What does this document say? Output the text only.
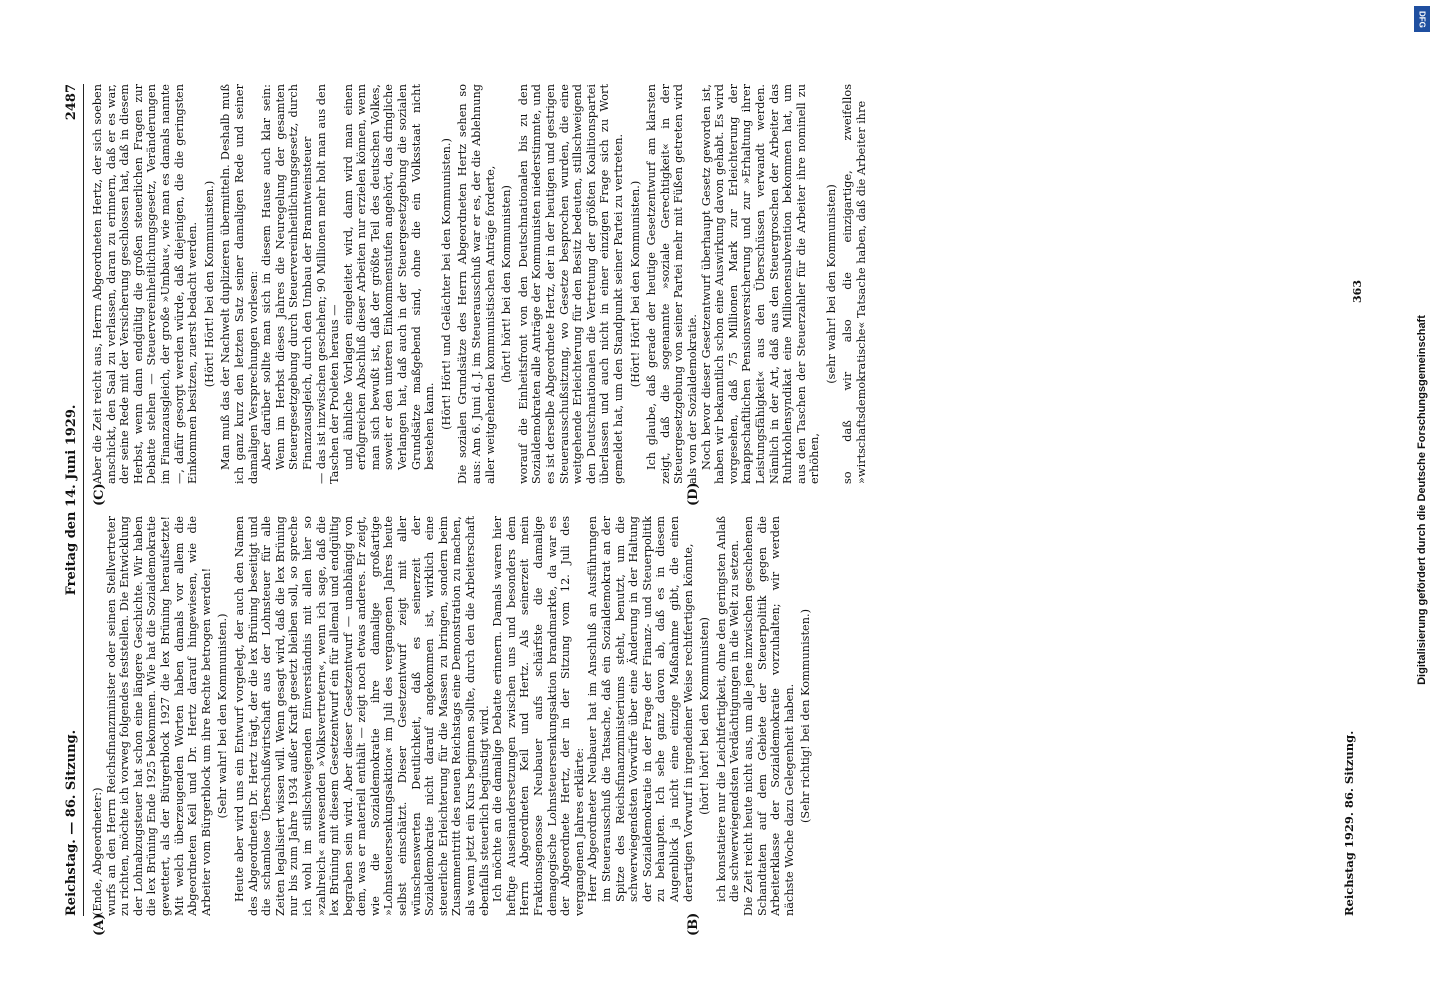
Reichstag. — 86. Sitzung.
Freitag den 14. Juni 1929.
2487
(A)	(B)
(C)	(D)

(Ende, Abgeordneter:) wurfs an den Herrn Reichsfinanzminister oder seinen Stellvertreter zu richten, möchte ich vorweg folgendes feststellen. Die Entwicklung der Lohnabzugsteuer hat schon eine längere Geschichte. Wir haben die lex Brüning Ende 1925 bekommen. Wie hat die Sozialdemokratie gewettert, als der Bürgerblock 1927 die lex Brüning heraufsetzte! Mit welch überzeugenden Worten haben damals vor allem die Abgeordneten Keil und Dr. Hertz darauf hingewiesen, wie die Arbeiter vom Bürgerblock um ihre Rechte betrogen werden! (Sehr wahr! bei den Kommunisten.) Heute aber wird uns ein Entwurf vorgelegt, der auch den Namen des Abgeordneten Dr. Hertz trägt, der die lex Brüning beseitigt und die schamlose Überschußwirtschaft aus der Lohnsteuer für alle Zeiten legalisiert wissen will. Wenn gesagt wird, daß die lex Brüning nur bis zum Jahre 1934 außer Kraft gesetzt bleiben soll, so spreche ich wohl im stillschweigenden Einverständnis mit allen hier so »zahlreich« anwesenden »Volksvertretern«, wenn ich sage, daß die lex Brüning mit diesem Gesetzentwurf ein für allemal und endgültig begraben sein wird. Aber dieser Gesetzentwurf — unabhängig von dem, was er materiell enthält — zeigt noch etwas anderes. Er zeigt, wie die Sozialdemokratie ihre damalige großartige »Lohnsteuersenkungsaktion« im Juli des vergangenen Jahres heute selbst einschätzt. Dieser Gesetzentwurf zeigt mit aller wünschenswerten Deutlichkeit, daß es seinerzeit der Sozialdemokratie nicht darauf angekommen ist, wirklich eine steuerliche Erleichterung für die Massen zu bringen, sondern beim Zusammentritt des neuen Reichstags eine Demonstration zu machen, als wenn jetzt ein Kurs beginnen sollte, durch den die Arbeiterschaft ebenfalls steuerlich begünstigt wird. Ich möchte an die damalige Debatte erinnern. Damals waren hier heftige Auseinandersetzungen zwischen uns und besonders dem Herrn Abgeordneten Keil und Hertz. Als seinerzeit mein Fraktionsgenosse Neubauer aufs schärfste die damalige demagogische Lohnsteuersenkungsaktion brandmarkte, da war es der Abgeordnete Hertz, der in der Sitzung vom 12. Juli des vergangenen Jahres erklärte: Herr Abgeordneter Neubauer hat im Anschluß an Ausführungen im Steuerausschuß die Tatsache, daß ein Sozialdemokrat an der Spitze des Reichsfinanzministeriums steht, benutzt, um die schwerwiegendsten Vorwürfe über eine Änderung in der Haltung der Sozialdemokratie in der Frage der Finanz- und Steuerpolitik zu behaupten. Ich sehe ganz davon ab, daß es in diesem Augenblick ja nicht eine einzige Maßnahme gibt, die einen derartigen Vorwurf in irgendeiner Weise rechtfertigen könnte, (hört! hört! bei den Kommunisten) ich konstatiere nur die Leichtfertigkeit, ohne den geringsten Anlaß die schwerwiegendsten Verdächtigungen in die Welt zu setzen. Die Zeit reicht heute nicht aus, um alle jene inzwischen geschehenen Schandtaten auf dem Gebiete der Steuerpolitik gegen die Arbeiterklasse der Sozialdemokratie vorzuhalten; wir werden nächste Woche dazu Gelegenheit haben. (Sehr richtig! bei den Kommunisten.)

Aber die Zeit reicht aus, Herrn Abgeordneten Hertz, der sich soeben anschickt, den Saal zu verlassen, daran zu erinnern, daß er es war, der seine Rede mit der Versicherung geschlossen hat, daß in diesem Herbst, wenn dann endgültig die großen steuerlichen Fragen zur Debatte stehen — Steuervereinheitlichungsgesetz, Veränderungen im Finanzausgleich, der große »Umbau«, wie man es damals nannte —, dafür gesorgt werden würde, daß diejenigen, die die geringsten Einkommen besitzen, zuerst bedacht werden. (Hört! Hört! bei den Kommunisten.) Man muß das der Nachwelt duplizieren übermitteln. Deshalb muß ich ganz kurz den letzten Satz seiner damaligen Rede und seiner damaligen Versprechungen vorlesen: Aber darüber sollte man sich in diesem Hause auch klar sein: Wenn im Herbst dieses Jahres die Neuregelung der gesamten Steuergesetzgebung durch Steuervereinheitlichungsgesetz, durch Finanzausgleich, durch den Umbau der Branntweinsteuer — das ist inzwischen geschehen; 90 Millionen mehr holt man aus den Taschen der Proleten heraus — und ähnliche Vorlagen eingeleitet wird, dann wird man einen erfolgreichen Abschluß dieser Arbeiten nur erzielen können, wenn man sich bewußt ist, daß der größte Teil des deutschen Volkes, soweit er den unteren Einkommenstufen angehört, das dringliche Verlangen hat, daß auch in der Steuergesetzgebung die sozialen Grundsätze maßgebend sind, ohne die ein Volksstaat nicht bestehen kann. (Hört! Hört! und Gelächter bei den Kommunisten.) Die sozialen Grundsätze des Herrn Abgeordneten Hertz sehen so aus: Am 6. Juni d. J. im Steuerausschuß war er es, der die Ablehnung aller weitgehenden kommunistischen Anträge forderte, (hört! hört! bei den Kommunisten) worauf die Einheitsfront von den Deutschnationalen bis zu den Sozialdemokraten alle Anträge der Kommunisten niederstimmte, und es ist derselbe Abgeordnete Hertz, der in der heutigen und gestrigen Steuerausschußsitzung, wo Gesetze besprochen wurden, die eine weitgehende Erleichterung für den Besitz bedeuten, stillschweigend den Deutschnationalen die Vertretung der größten Koalitionspartei überlassen und auch nicht in einer einzigen Frage sich zu Wort gemeldet hat, um den Standpunkt seiner Partei zu vertreten. (Hört! Hört! bei den Kommunisten.) Ich glaube, daß gerade der heutige Gesetzentwurf am klarsten zeigt, daß die sogenannte »soziale Gerechtigkeit« in der Steuergesetzgebung von seiner Partei mehr mit Füßen getreten wird als von der Sozialdemokratie. Noch bevor dieser Gesetzentwurf überhaupt Gesetz geworden ist, haben wir bekanntlich schon eine Auswirkung davon gehabt. Es wird vorgesehen, daß 75 Millionen Mark zur Erleichterung der knappschaftlichen Pensionsversicherung und zur »Erhaltung ihrer Leistungsfähigkeit« aus den Überschüssen verwandt werden. Nämlich in der Art, daß aus den Steuergroschen der Arbeiter das Ruhrkohlensyndikat eine Millionensubvention bekommen hat, um aus den Taschen der Steuerzahler für die Arbeiter ihre nominell zu erhöhen,

(sehr wahr! bei den Kommunisten) so daß wir also die einzigartige, zweifellos »wirtschaftsdemokratische« Tatsache haben, daß die Arbeiter ihre

Reichstag 1929. 86. Sitzung.
363
DFG
Digitalisierung gefördert durch die Deutsche Forschungsgemeinschaft
